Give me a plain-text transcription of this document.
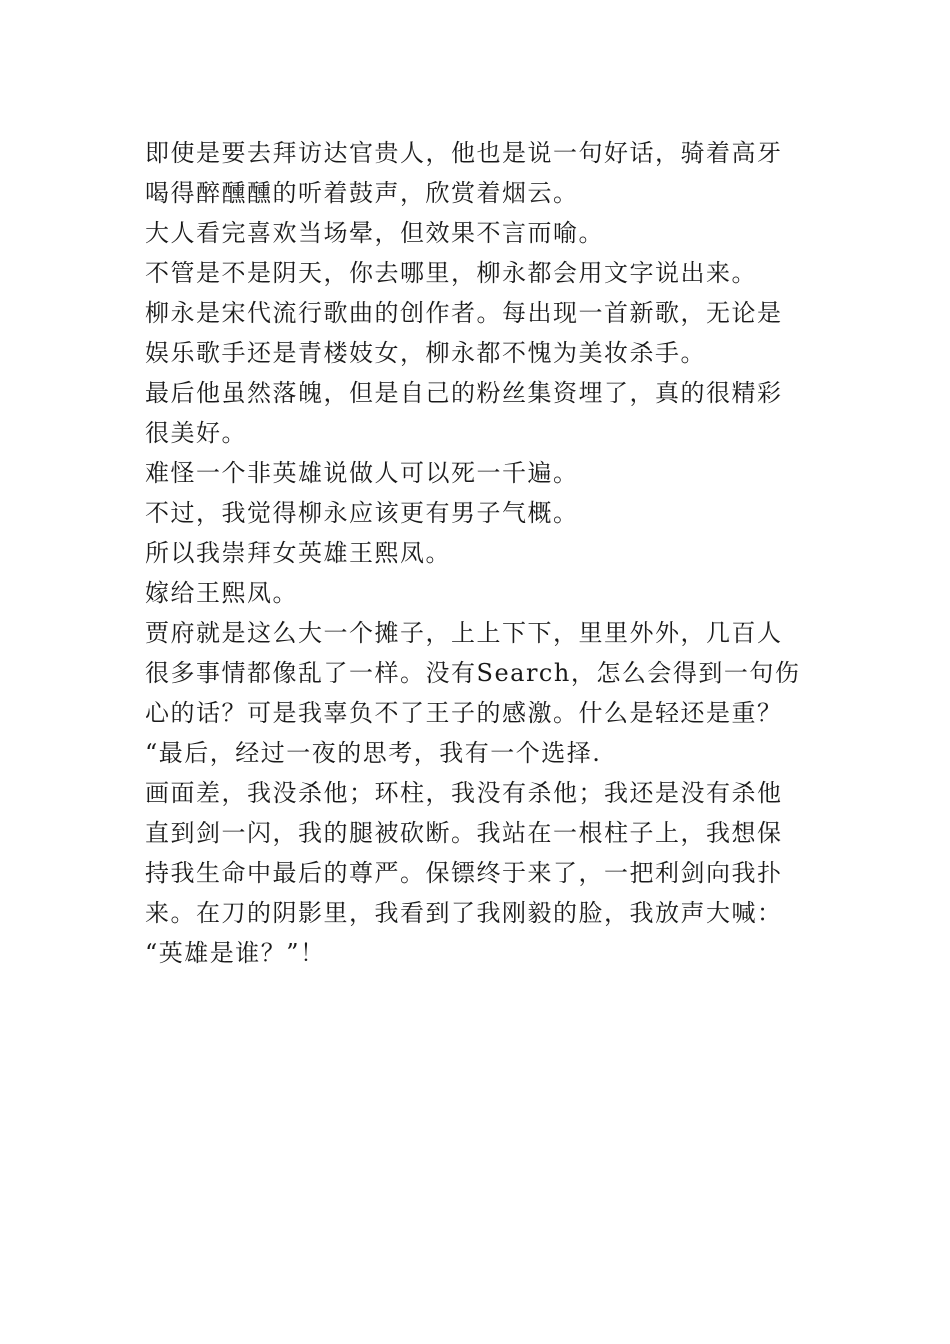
即使是要去拜访达官贵人，他也是说一句好话，骑着高牙
喝得醉醺醺的听着鼓声，欣赏着烟云。
大人看完喜欢当场晕，但效果不言而喻。
不管是不是阴天，你去哪里，柳永都会用文字说出来。
柳永是宋代流行歌曲的创作者。每出现一首新歌，无论是
娱乐歌手还是青楼妓女，柳永都不愧为美妆杀手。
最后他虽然落魄，但是自己的粉丝集资埋了，真的很精彩
很美好。
难怪一个非英雄说做人可以死一千遍。
不过，我觉得柳永应该更有男子气概。
所以我崇拜女英雄王熙凤。
嫁给王熙凤。
贾府就是这么大一个摊子，上上下下，里里外外，几百人
很多事情都像乱了一样。没有Search，怎么会得到一句伤
心的话？可是我辜负不了王子的感激。什么是轻还是重？
“最后，经过一夜的思考，我有一个选择.
画面差，我没杀他；环柱，我没有杀他；我还是没有杀他
直到剑一闪，我的腿被砍断。我站在一根柱子上，我想保
持我生命中最后的尊严。保镖终于来了，一把利剑向我扑
来。在刀的阴影里，我看到了我刚毅的脸，我放声大喊：
“英雄是谁？”！
